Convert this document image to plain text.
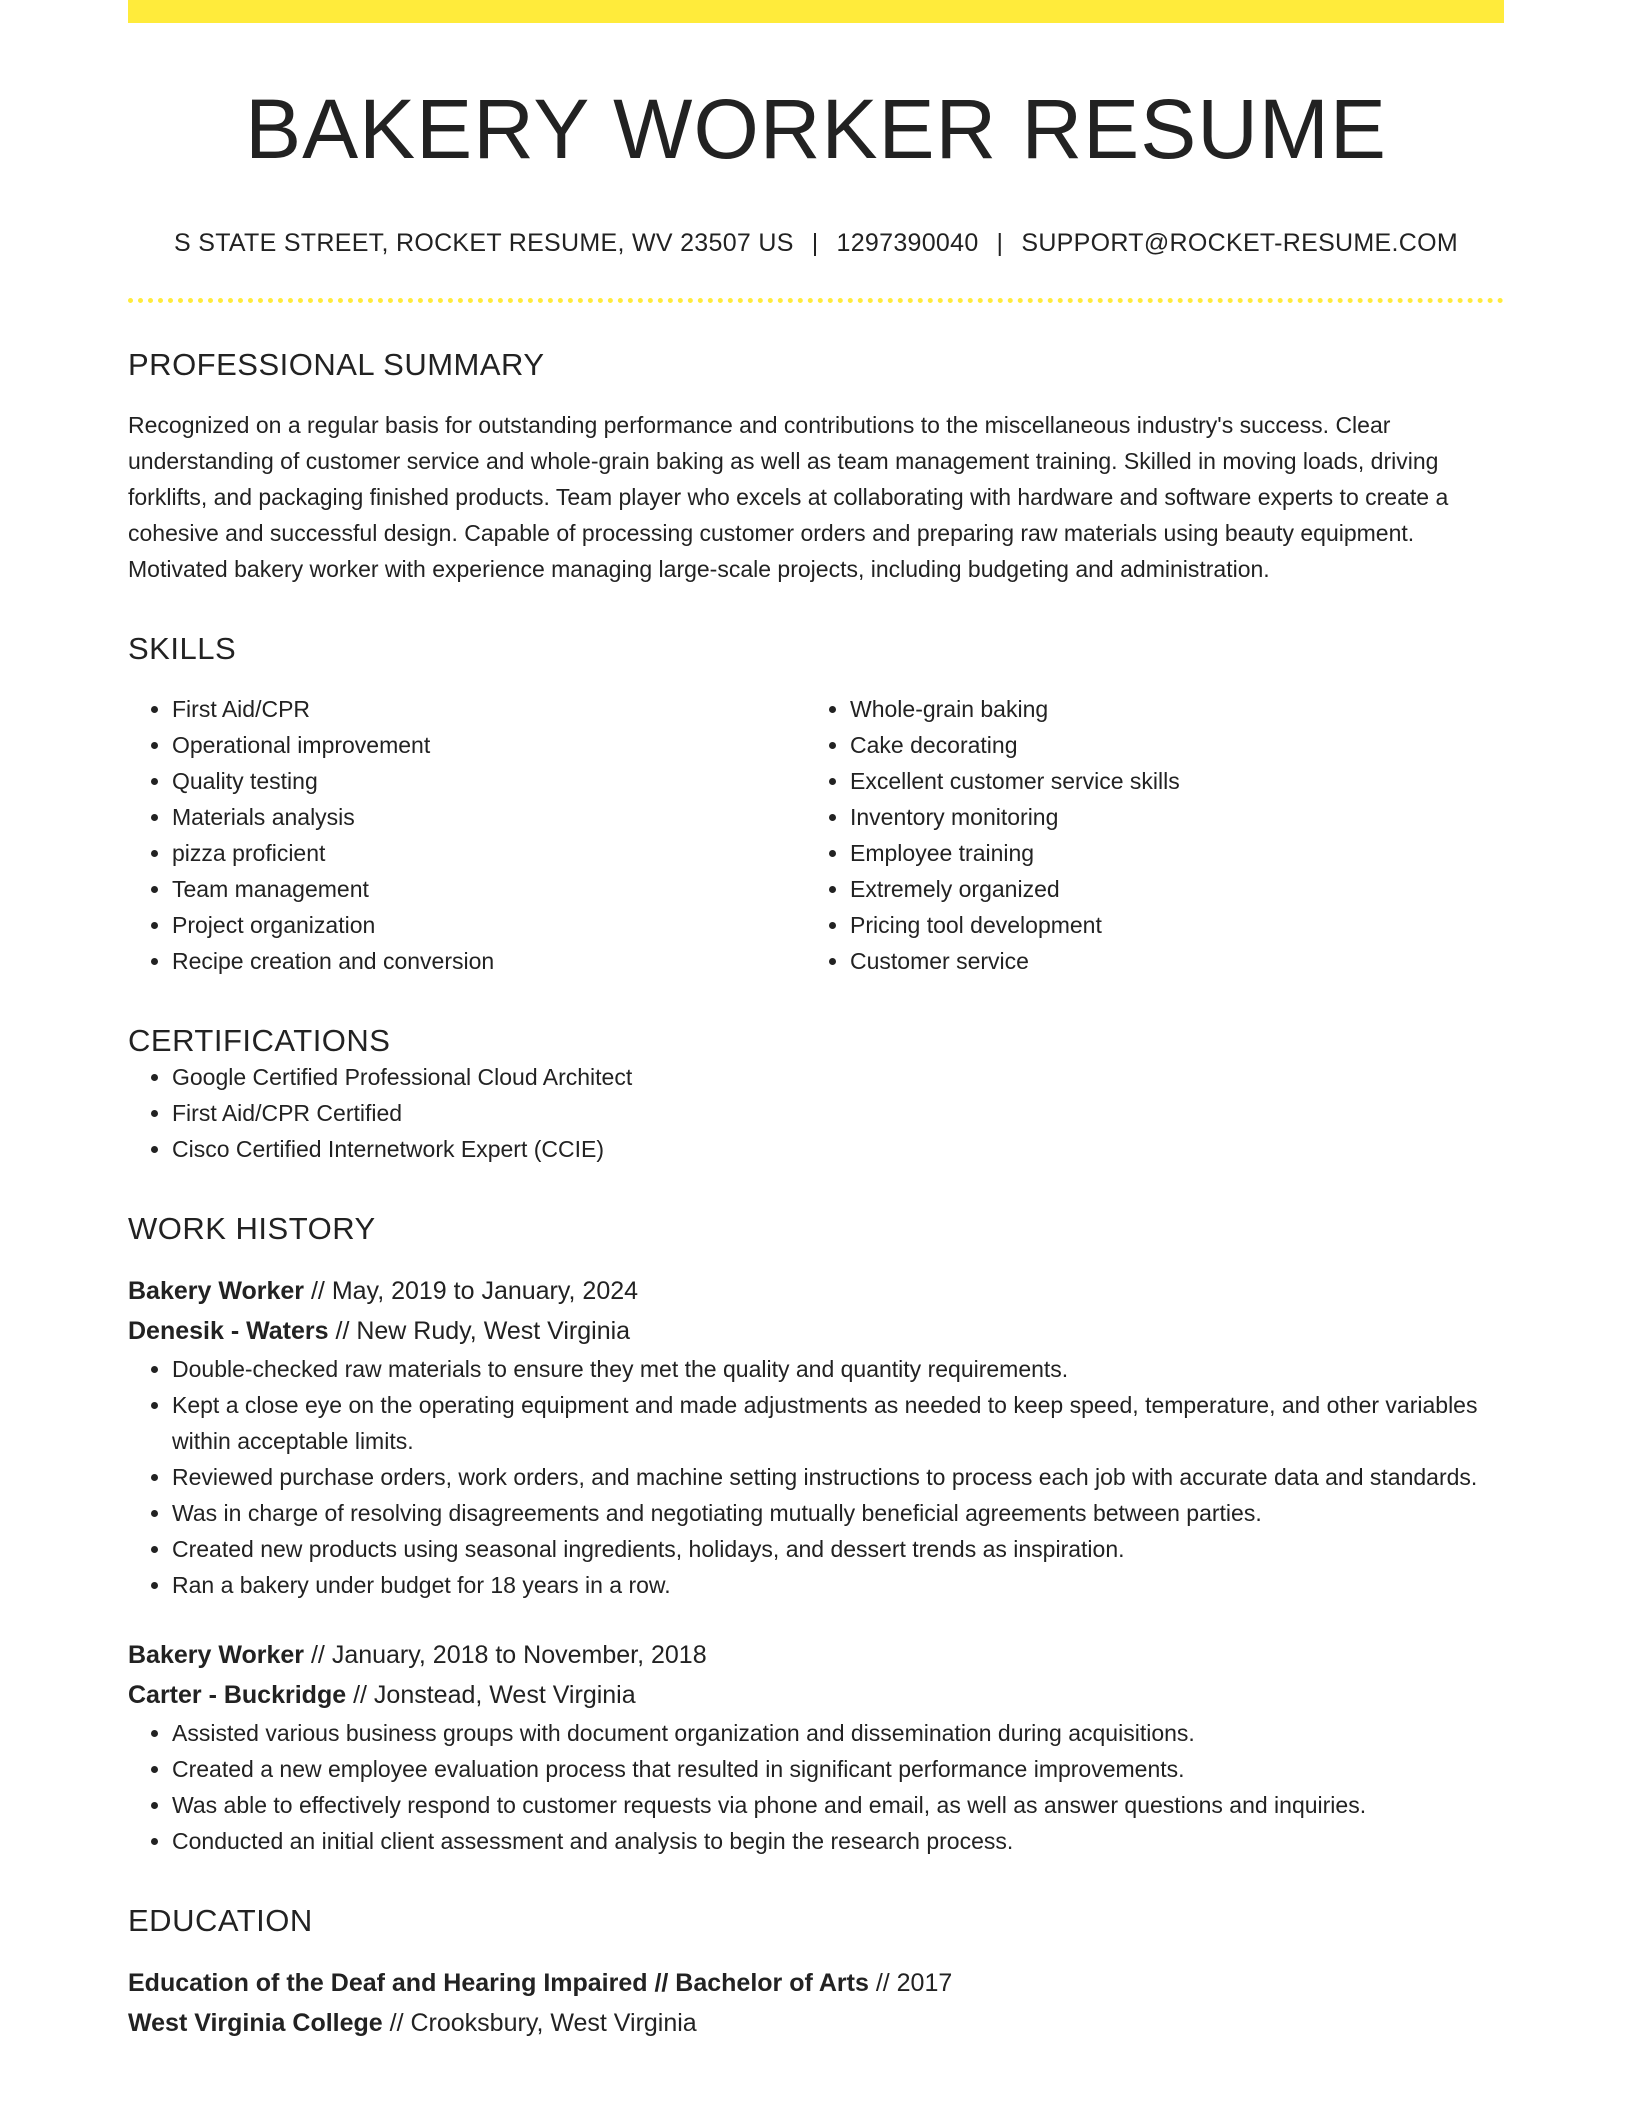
BAKERY WORKER RESUME
S STATE STREET, ROCKET RESUME, WV 23507 US | 1297390040 | SUPPORT@ROCKET-RESUME.COM
PROFESSIONAL SUMMARY
Recognized on a regular basis for outstanding performance and contributions to the miscellaneous industry's success. Clear understanding of customer service and whole-grain baking as well as team management training. Skilled in moving loads, driving forklifts, and packaging finished products. Team player who excels at collaborating with hardware and software experts to create a cohesive and successful design. Capable of processing customer orders and preparing raw materials using beauty equipment. Motivated bakery worker with experience managing large-scale projects, including budgeting and administration.
SKILLS
• First Aid/CPR
• Operational improvement
• Quality testing
• Materials analysis
• pizza proficient
• Team management
• Project organization
• Recipe creation and conversion
• Whole-grain baking
• Cake decorating
• Excellent customer service skills
• Inventory monitoring
• Employee training
• Extremely organized
• Pricing tool development
• Customer service
CERTIFICATIONS
• Google Certified Professional Cloud Architect
• First Aid/CPR Certified
• Cisco Certified Internetwork Expert (CCIE)
WORK HISTORY
Bakery Worker // May, 2019 to January, 2024
Denesik - Waters // New Rudy, West Virginia
• Double-checked raw materials to ensure they met the quality and quantity requirements.
• Kept a close eye on the operating equipment and made adjustments as needed to keep speed, temperature, and other variables within acceptable limits.
• Reviewed purchase orders, work orders, and machine setting instructions to process each job with accurate data and standards.
• Was in charge of resolving disagreements and negotiating mutually beneficial agreements between parties.
• Created new products using seasonal ingredients, holidays, and dessert trends as inspiration.
• Ran a bakery under budget for 18 years in a row.
Bakery Worker // January, 2018 to November, 2018
Carter - Buckridge // Jonstead, West Virginia
• Assisted various business groups with document organization and dissemination during acquisitions.
• Created a new employee evaluation process that resulted in significant performance improvements.
• Was able to effectively respond to customer requests via phone and email, as well as answer questions and inquiries.
• Conducted an initial client assessment and analysis to begin the research process.
EDUCATION
Education of the Deaf and Hearing Impaired // Bachelor of Arts // 2017
West Virginia College // Crooksbury, West Virginia
